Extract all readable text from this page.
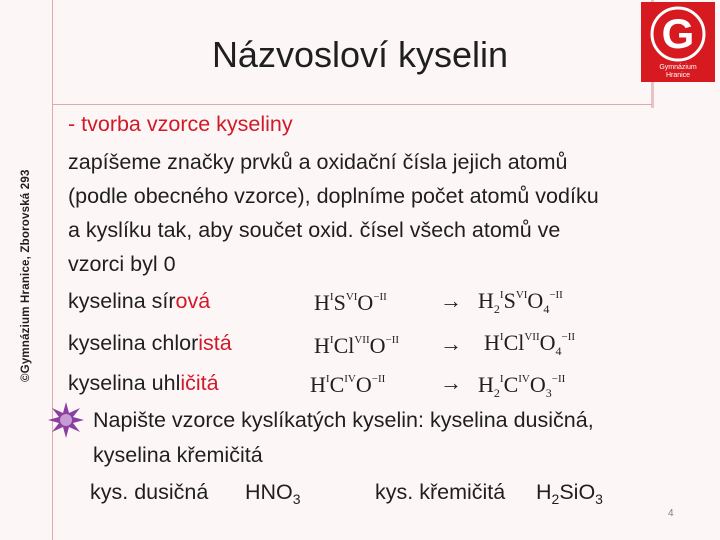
©Gymnázium Hranice, Zborovská 293
Názvosloví kyselin	G
Gymnázium
Hranice
- tvorba vzorce kyseliny
zapíšeme značky prvků a oxidační čísla jejich atomů
(podle obecného vzorce), doplníme počet atomů vodíku
a kyslíku tak, aby součet oxid. čísel všech atomů ve
vzorci byl 0
kyselina sírová	$H^IS^{VI}O^{-II} \to H_2^IS^{VI}O_4^{-II}$
kyselina chloristá	$H^ICl^{VII}O^{-II} \to H^ICl^{VII}O_4^{-II}$
kyselina uhličitá	$H^IC^{IV}O^{-II} \to H_2^IC^{IV}O_3^{-II}$
Napište vzorce kyslíkatých kyselin: kyselina dusičná,
kyselina křemičitá
kys. dusičná $HNO_3$	kys. křemičitá $H_2SiO_3$
4
